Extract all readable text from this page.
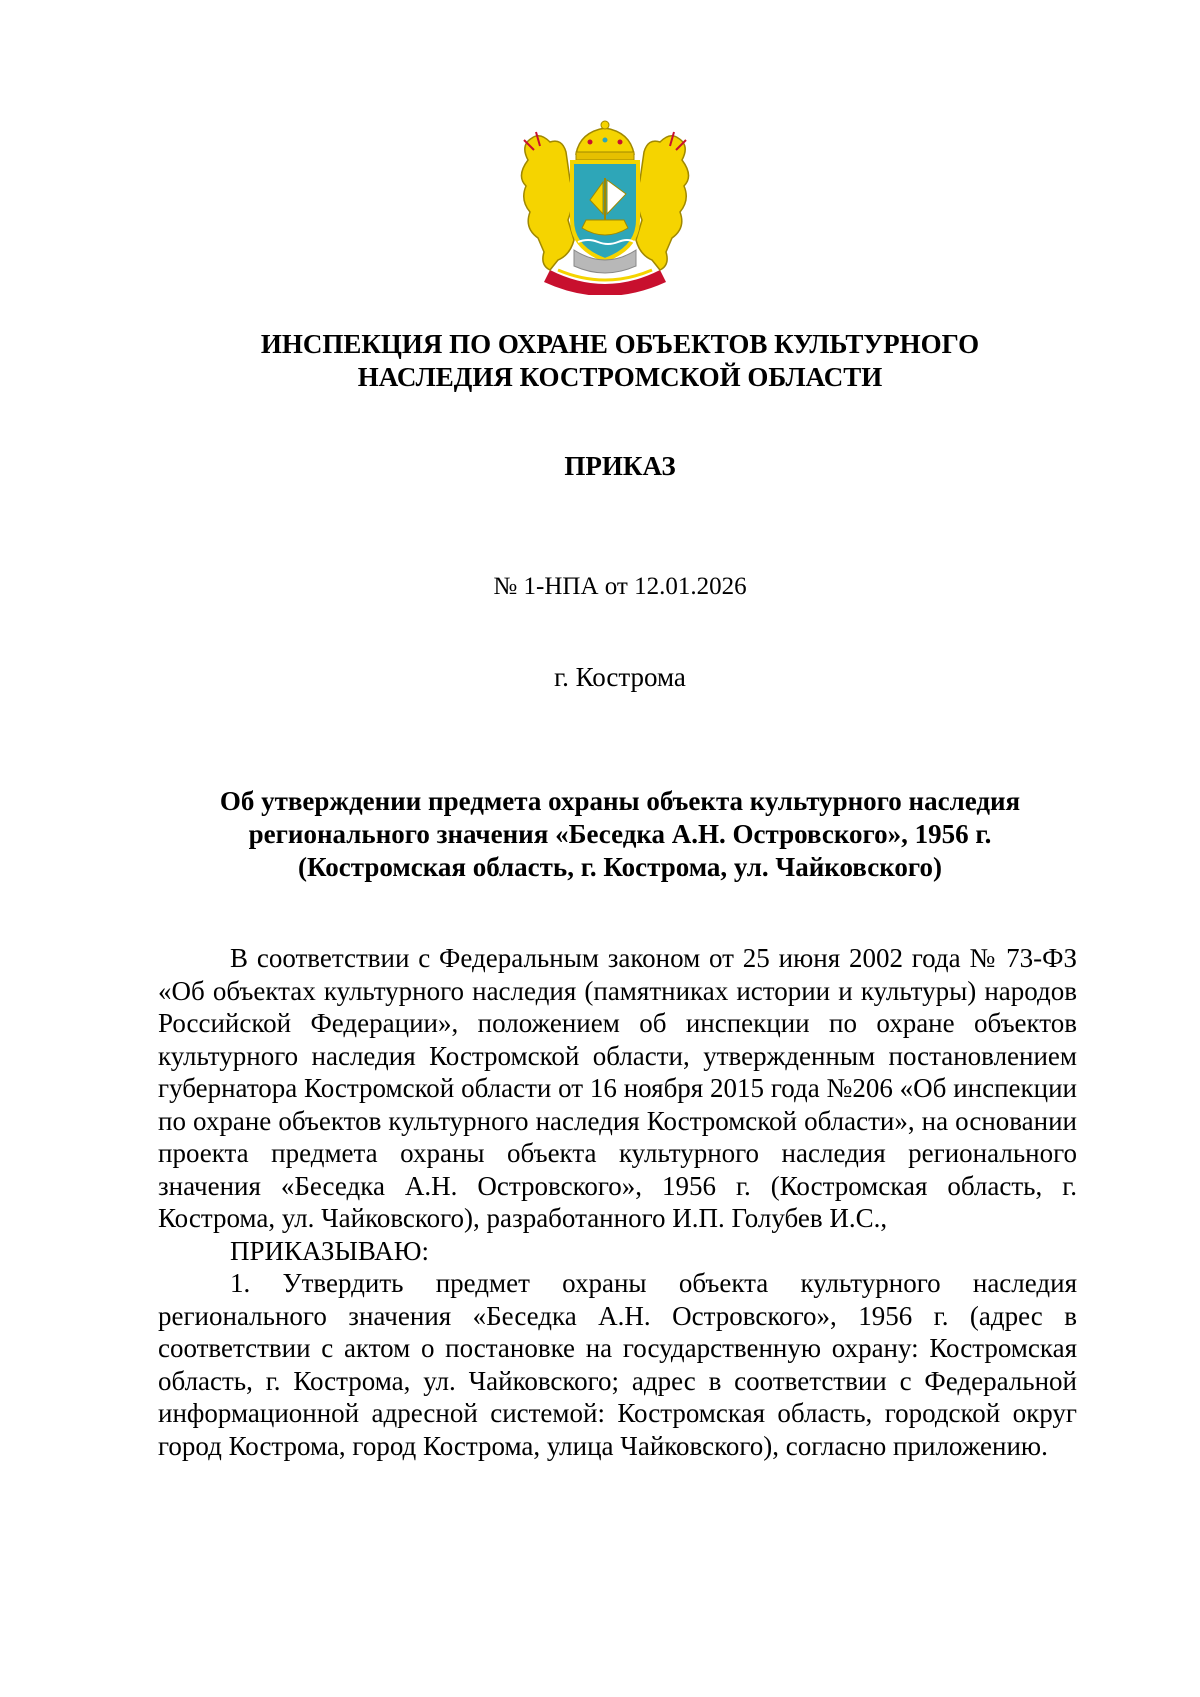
ИНСПЕКЦИЯ ПО ОХРАНЕ ОБЪЕКТОВ КУЛЬТУРНОГО
НАСЛЕДИЯ КОСТРОМСКОЙ ОБЛАСТИ
ПРИКАЗ
№ 1-НПА от 12.01.2026
г. Кострома
Об утверждении предмета охраны объекта культурного наследия
регионального значения «Беседка А.Н. Островского», 1956 г.
(Костромская область, г. Кострома, ул. Чайковского)

В соответствии с Федеральным законом от 25 июня 2002 года № 73-ФЗ «Об объектах культурного наследия (памятниках истории и культуры) народов Российской Федерации», положением об инспекции по охране объектов культурного наследия Костромской области, утвержденным постановлением губернатора Костромской области от 16 ноября 2015 года №206 «Об инспекции по охране объектов культурного наследия Костромской области», на основании проекта предмета охраны объекта культурного наследия регионального значения «Беседка А.Н. Островского», 1956 г. (Костромская область, г. Кострома, ул. Чайковского), разработанного И.П. Голубев И.С.,

ПРИКАЗЫВАЮ:

1. Утвердить предмет охраны объекта культурного наследия регионального значения «Беседка А.Н. Островского», 1956 г. (адрес в соответствии с актом о постановке на государственную охрану: Костромская область, г. Кострома, ул. Чайковского; адрес в соответствии с Федеральной информационной адресной системой: Костромская область, городской округ город Кострома, город Кострома, улица Чайковского), согласно приложению.
